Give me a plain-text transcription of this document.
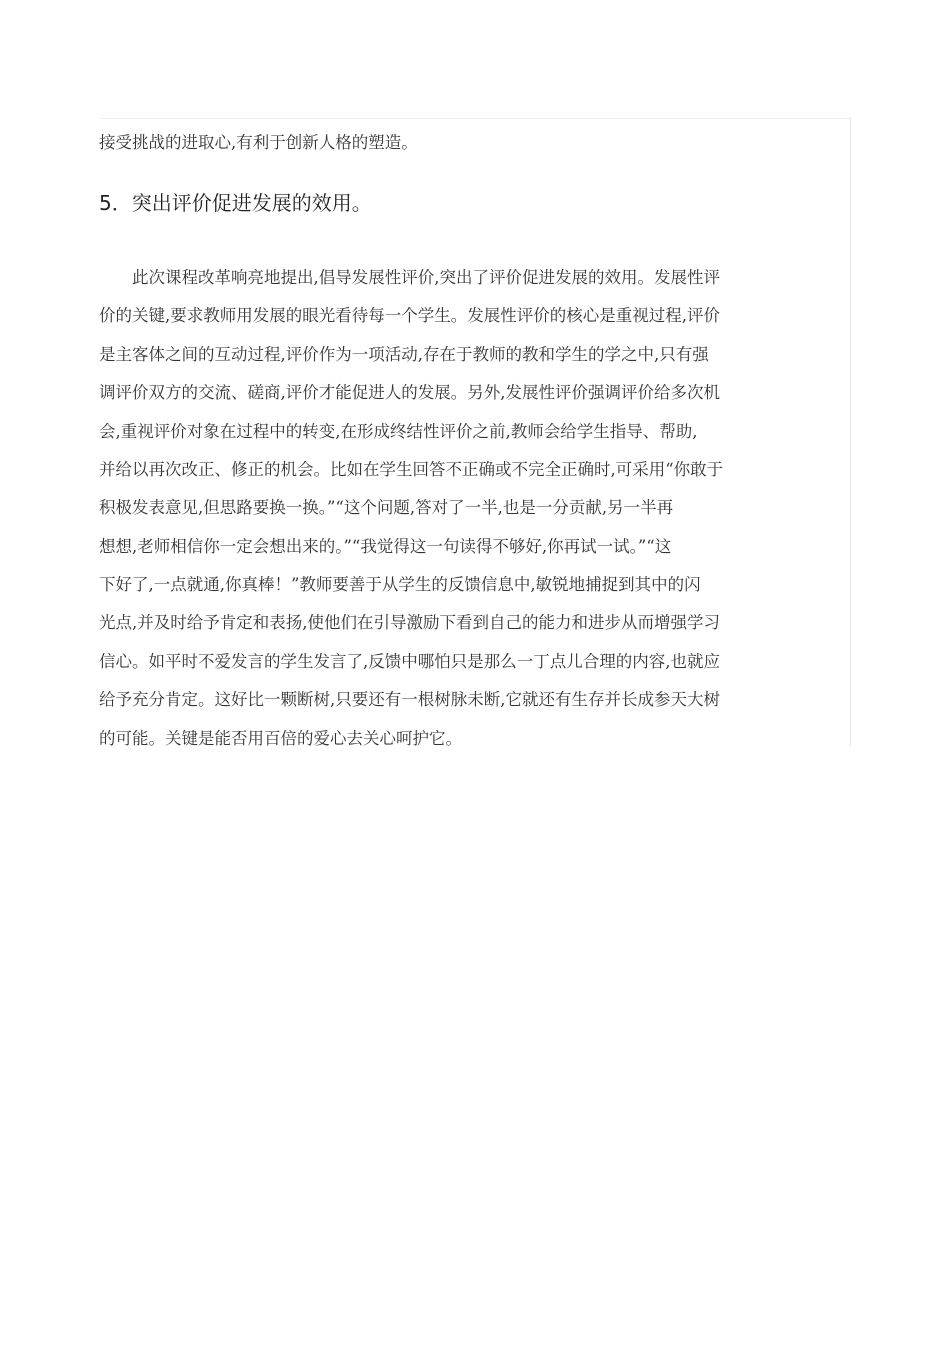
接受挑战的进取心,有利于创新人格的塑造。

5．突出评价促进发展的效用。

　　此次课程改革响亮地提出,倡导发展性评价,突出了评价促进发展的效用。发展性评

价的关键,要求教师用发展的眼光看待每一个学生。发展性评价的核心是重视过程,评价

是主客体之间的互动过程,评价作为一项活动,存在于教师的教和学生的学之中,只有强

调评价双方的交流、磋商,评价才能促进人的发展。另外,发展性评价强调评价给多次机

会,重视评价对象在过程中的转变,在形成终结性评价之前,教师会给学生指导、帮助,

并给以再次改正、修正的机会。比如在学生回答不正确或不完全正确时,可采用“你敢于

积极发表意见,但思路要换一换。”“这个问题,答对了一半,也是一分贡献,另一半再

想想,老师相信你一定会想出来的。”“我觉得这一句读得不够好,你再试一试。”“这

下好了,一点就通,你真棒！”教师要善于从学生的反馈信息中,敏锐地捕捉到其中的闪

光点,并及时给予肯定和表扬,使他们在引导激励下看到自己的能力和进步从而增强学习

信心。如平时不爱发言的学生发言了,反馈中哪怕只是那么一丁点儿合理的内容,也就应

给予充分肯定。这好比一颗断树,只要还有一根树脉未断,它就还有生存并长成参天大树

的可能。关键是能否用百倍的爱心去关心呵护它。
